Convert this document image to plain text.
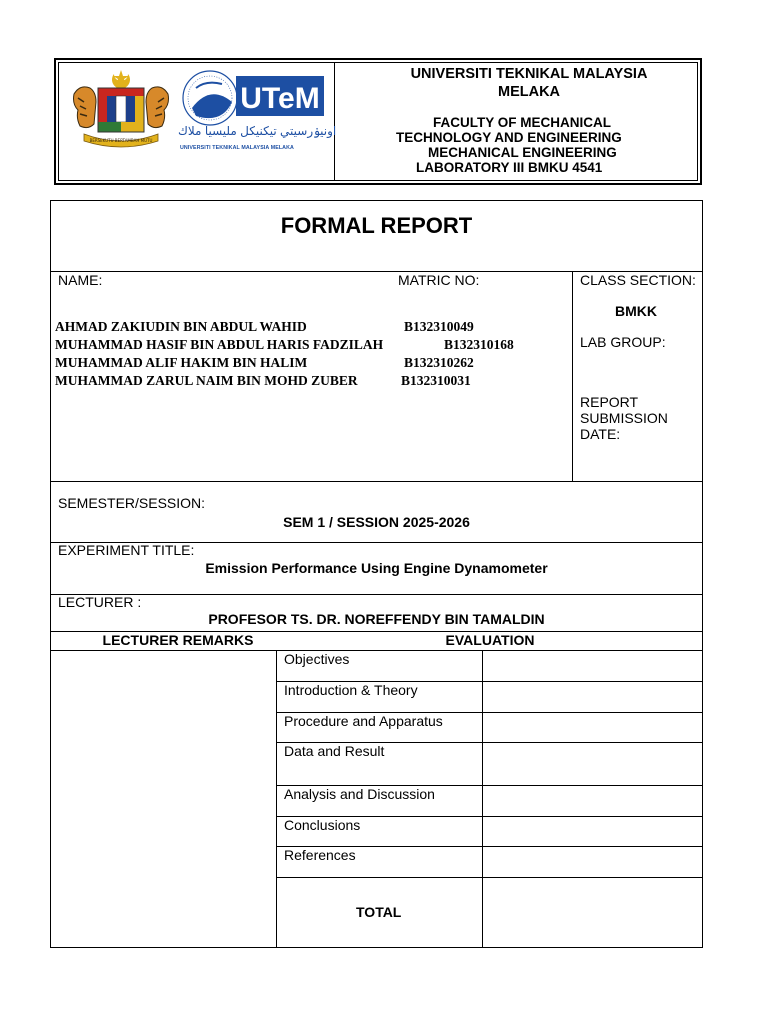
BERSEKUTU BERTAMBAH MUTU
UTeM
اونيۏرسيتي تيكنيكل مليسيا ملاك
UNIVERSITI TEKNIKAL MALAYSIA MELAKA
UNIVERSITI TEKNIKAL MALAYSIA
MELAKA
FACULTY OF MECHANICAL
TECHNOLOGY AND ENGINEERING
MECHANICAL ENGINEERING
LABORATORY III BMKU 4541
FORMAL REPORT
NAME:	MATRIC NO:	CLASS SECTION:
BMKK
LAB GROUP:
REPORT
SUBMISSION
DATE:
AHMAD ZAKIUDIN BIN ABDUL WAHID	B132310049
MUHAMMAD HASIF BIN ABDUL HARIS FADZILAH	B132310168
MUHAMMAD ALIF HAKIM BIN HALIM	B132310262
MUHAMMAD ZARUL NAIM BIN MOHD ZUBER	B132310031
SEMESTER/SESSION:
SEM 1 / SESSION 2025-2026
EXPERIMENT TITLE:
Emission Performance Using Engine Dynamometer
LECTURER :
PROFESOR TS. DR. NOREFFENDY BIN TAMALDIN
LECTURER REMARKS	EVALUATION
Objectives
Introduction & Theory
Procedure and Apparatus
Data and Result
Analysis and Discussion
Conclusions
References
TOTAL
